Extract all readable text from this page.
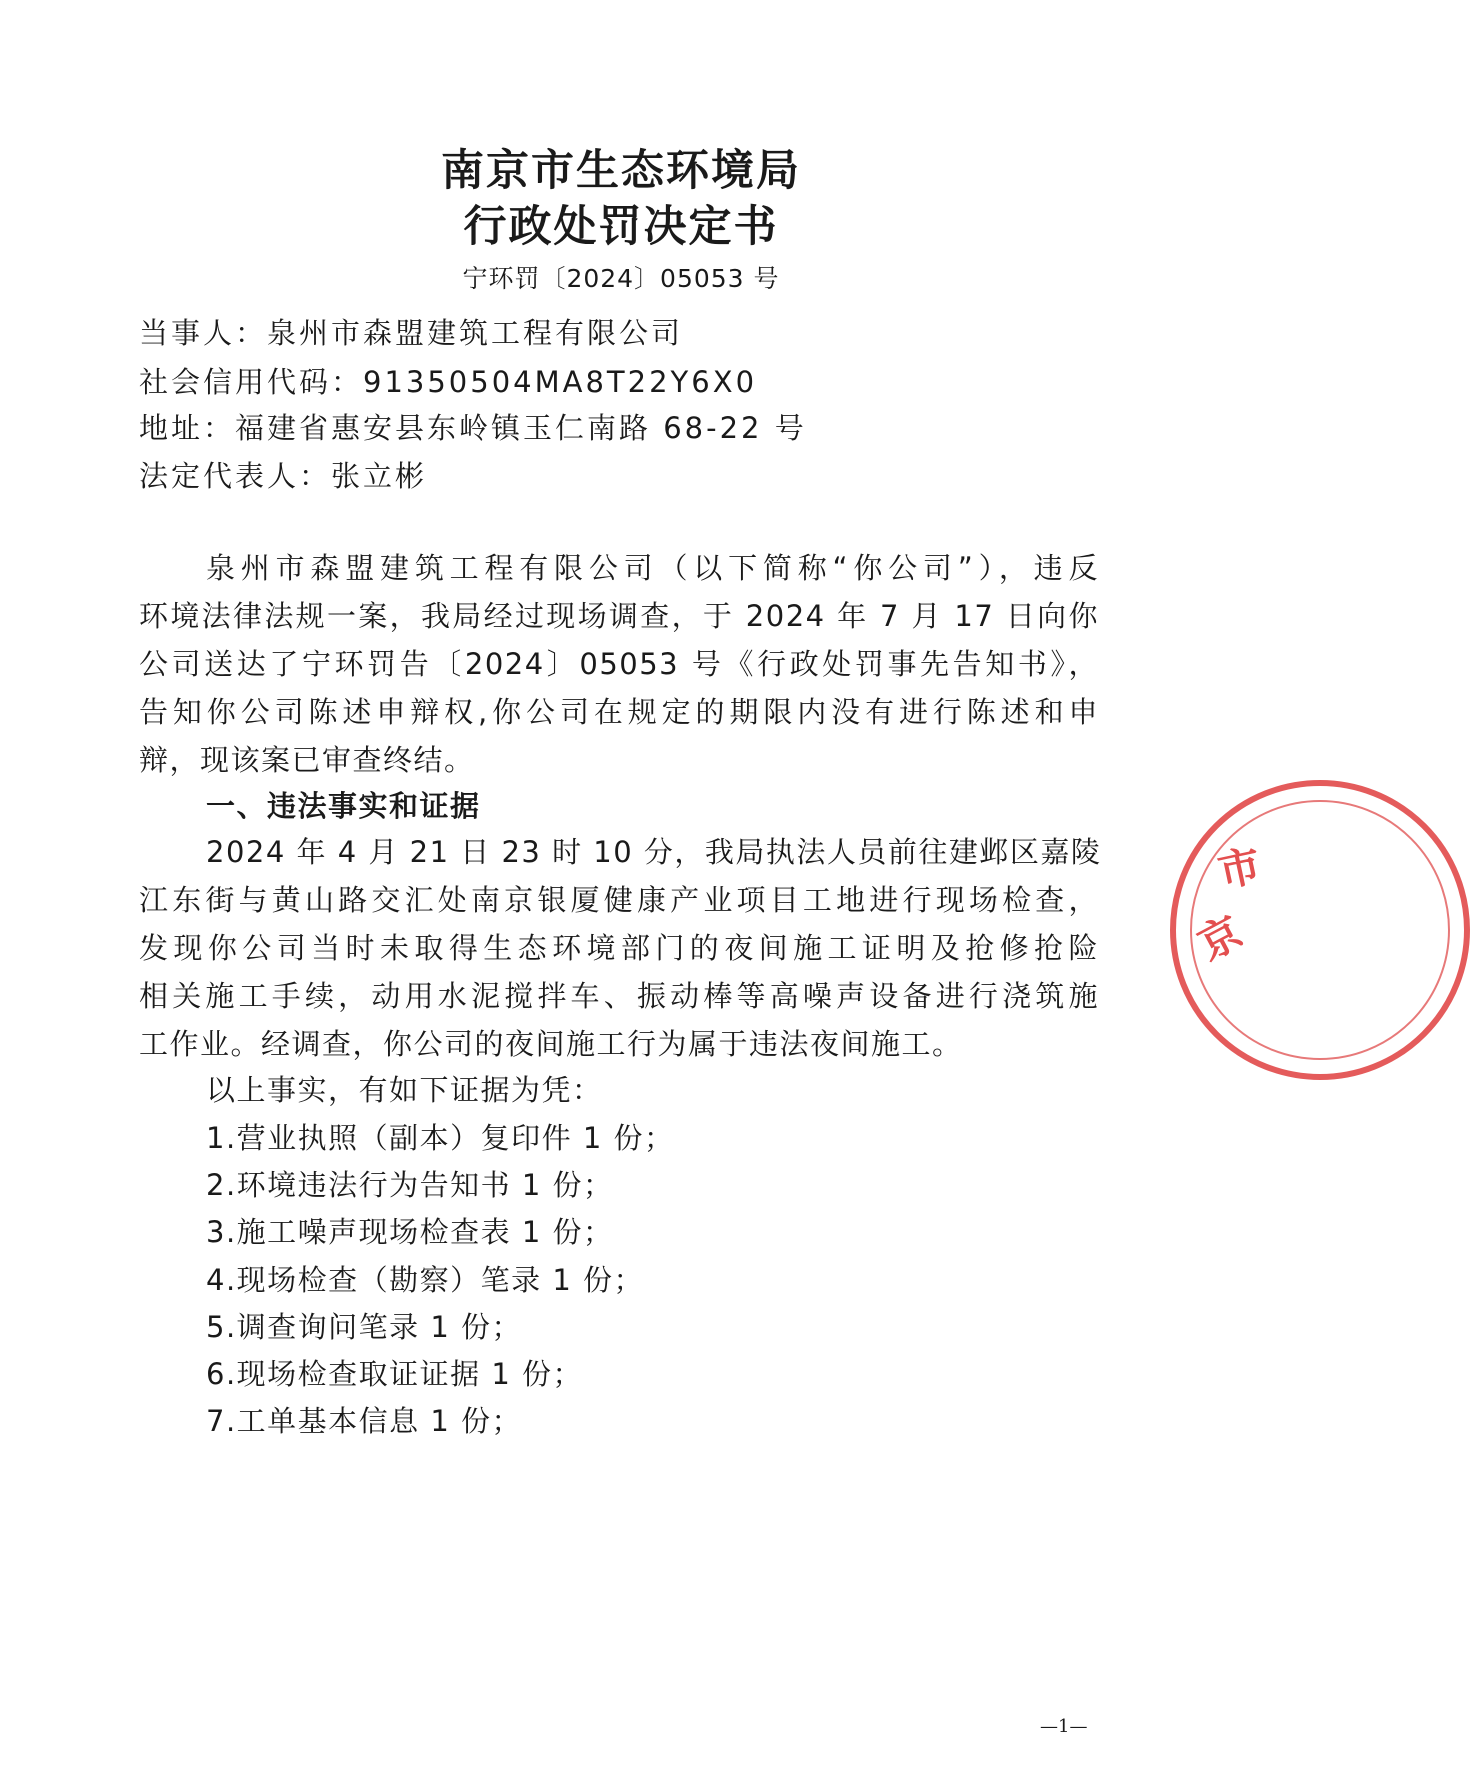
南京市生态环境局
行政处罚决定书
宁环罚〔2024〕05053 号
当事人：泉州市森盟建筑工程有限公司
社会信用代码：91350504MA8T22Y6X0
地址：福建省惠安县东岭镇玉仁南路 68-22 号
法定代表人：张立彬
泉州市森盟建筑工程有限公司（以下简称“你公司”），违反
环境法律法规一案，我局经过现场调查，于 2024 年 7 月 17 日向你
公司送达了宁环罚告〔2024〕05053 号《行政处罚事先告知书》，
告知你公司陈述申辩权,你公司在规定的期限内没有进行陈述和申
辩，现该案已审查终结。
一、违法事实和证据
2024 年 4 月 21 日 23 时 10 分，我局执法人员前往建邺区嘉陵
江东街与黄山路交汇处南京银厦健康产业项目工地进行现场检查，
发现你公司当时未取得生态环境部门的夜间施工证明及抢修抢险
相关施工手续，动用水泥搅拌车、振动棒等高噪声设备进行浇筑施
工作业。经调查，你公司的夜间施工行为属于违法夜间施工。
以上事实，有如下证据为凭：
1.营业执照（副本）复印件 1 份；
2.环境违法行为告知书 1 份；
3.施工噪声现场检查表 1 份；
4.现场检查（勘察）笔录 1 份；
5.调查询问笔录 1 份；
6.现场检查取证证据 1 份；
7.工单基本信息 1 份；
—1—
京
市
